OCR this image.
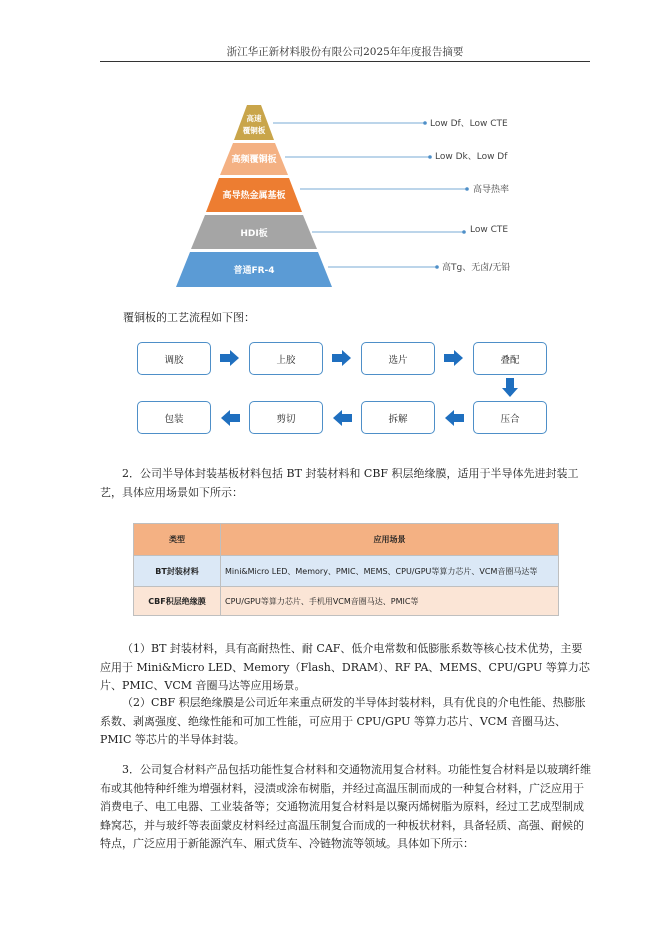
浙江华正新材料股份有限公司2025年年度报告摘要
高速
覆铜板
高频覆铜板
高导热金属基板
HDI板
普通FR-4
Low Df、Low CTE
Low Dk、Low Df
高导热率
Low CTE
高Tg、无卤/无铅

覆铜板的工艺流程如下图：

调胶	上胶	选片	叠配
包装	剪切	拆解	压合

2．公司半导体封装基板材料包括 BT 封装材料和 CBF 积层绝缘膜，适用于半导体先进封装工艺，具体应用场景如下所示：

类型	应用场景
BT封装材料	Mini&Micro LED、Memory、PMIC、MEMS、CPU/GPU等算力芯片、VCM音圈马达等
CBF积层绝缘膜	CPU/GPU等算力芯片、手机用VCM音圈马达、PMIC等

（1）BT 封装材料，具有高耐热性、耐 CAF、低介电常数和低膨胀系数等核心技术优势，主要应用于 Mini&Micro LED、Memory（Flash、DRAM）、RF PA、MEMS、CPU/GPU 等算力芯片、PMIC、VCM 音圈马达等应用场景。

（2）CBF 积层绝缘膜是公司近年来重点研发的半导体封装材料，具有优良的介电性能、热膨胀系数、剥离强度、绝缘性能和可加工性能，可应用于 CPU/GPU 等算力芯片、VCM 音圈马达、PMIC 等芯片的半导体封装。

3．公司复合材料产品包括功能性复合材料和交通物流用复合材料。功能性复合材料是以玻璃纤维布或其他特种纤维为增强材料，浸渍或涂布树脂，并经过高温压制而成的一种复合材料，广泛应用于消费电子、电工电器、工业装备等；交通物流用复合材料是以聚丙烯树脂为原料，经过工艺成型制成蜂窝芯，并与玻纤等表面蒙皮材料经过高温压制复合而成的一种板状材料，具备轻质、高强、耐候的特点，广泛应用于新能源汽车、厢式货车、冷链物流等领域。具体如下所示：
